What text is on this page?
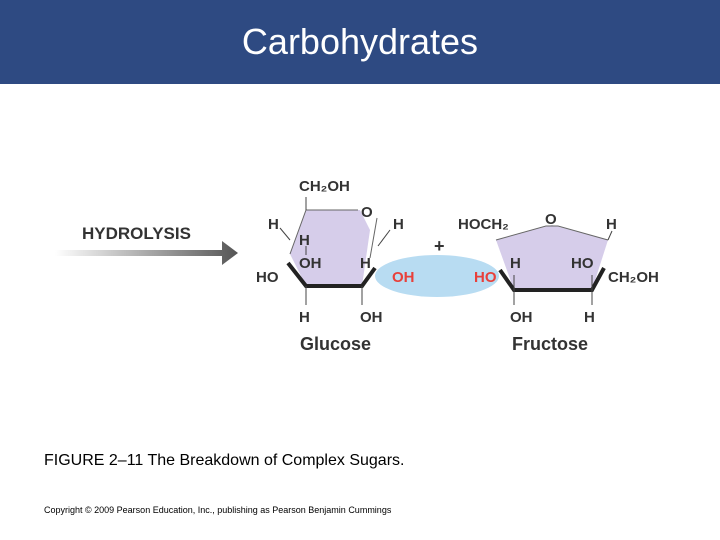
Carbohydrates
HYDROLYSIS
CH₂OH
O
H	H
H
OH	H
HO	OH
H	OH
Glucose
+
HOCH₂ O	H
H	HO
HO	CH₂OH
OH	H
Fructose
FIGURE 2–11 The Breakdown of Complex Sugars.
Copyright © 2009 Pearson Education, Inc., publishing as Pearson Benjamin Cummings
